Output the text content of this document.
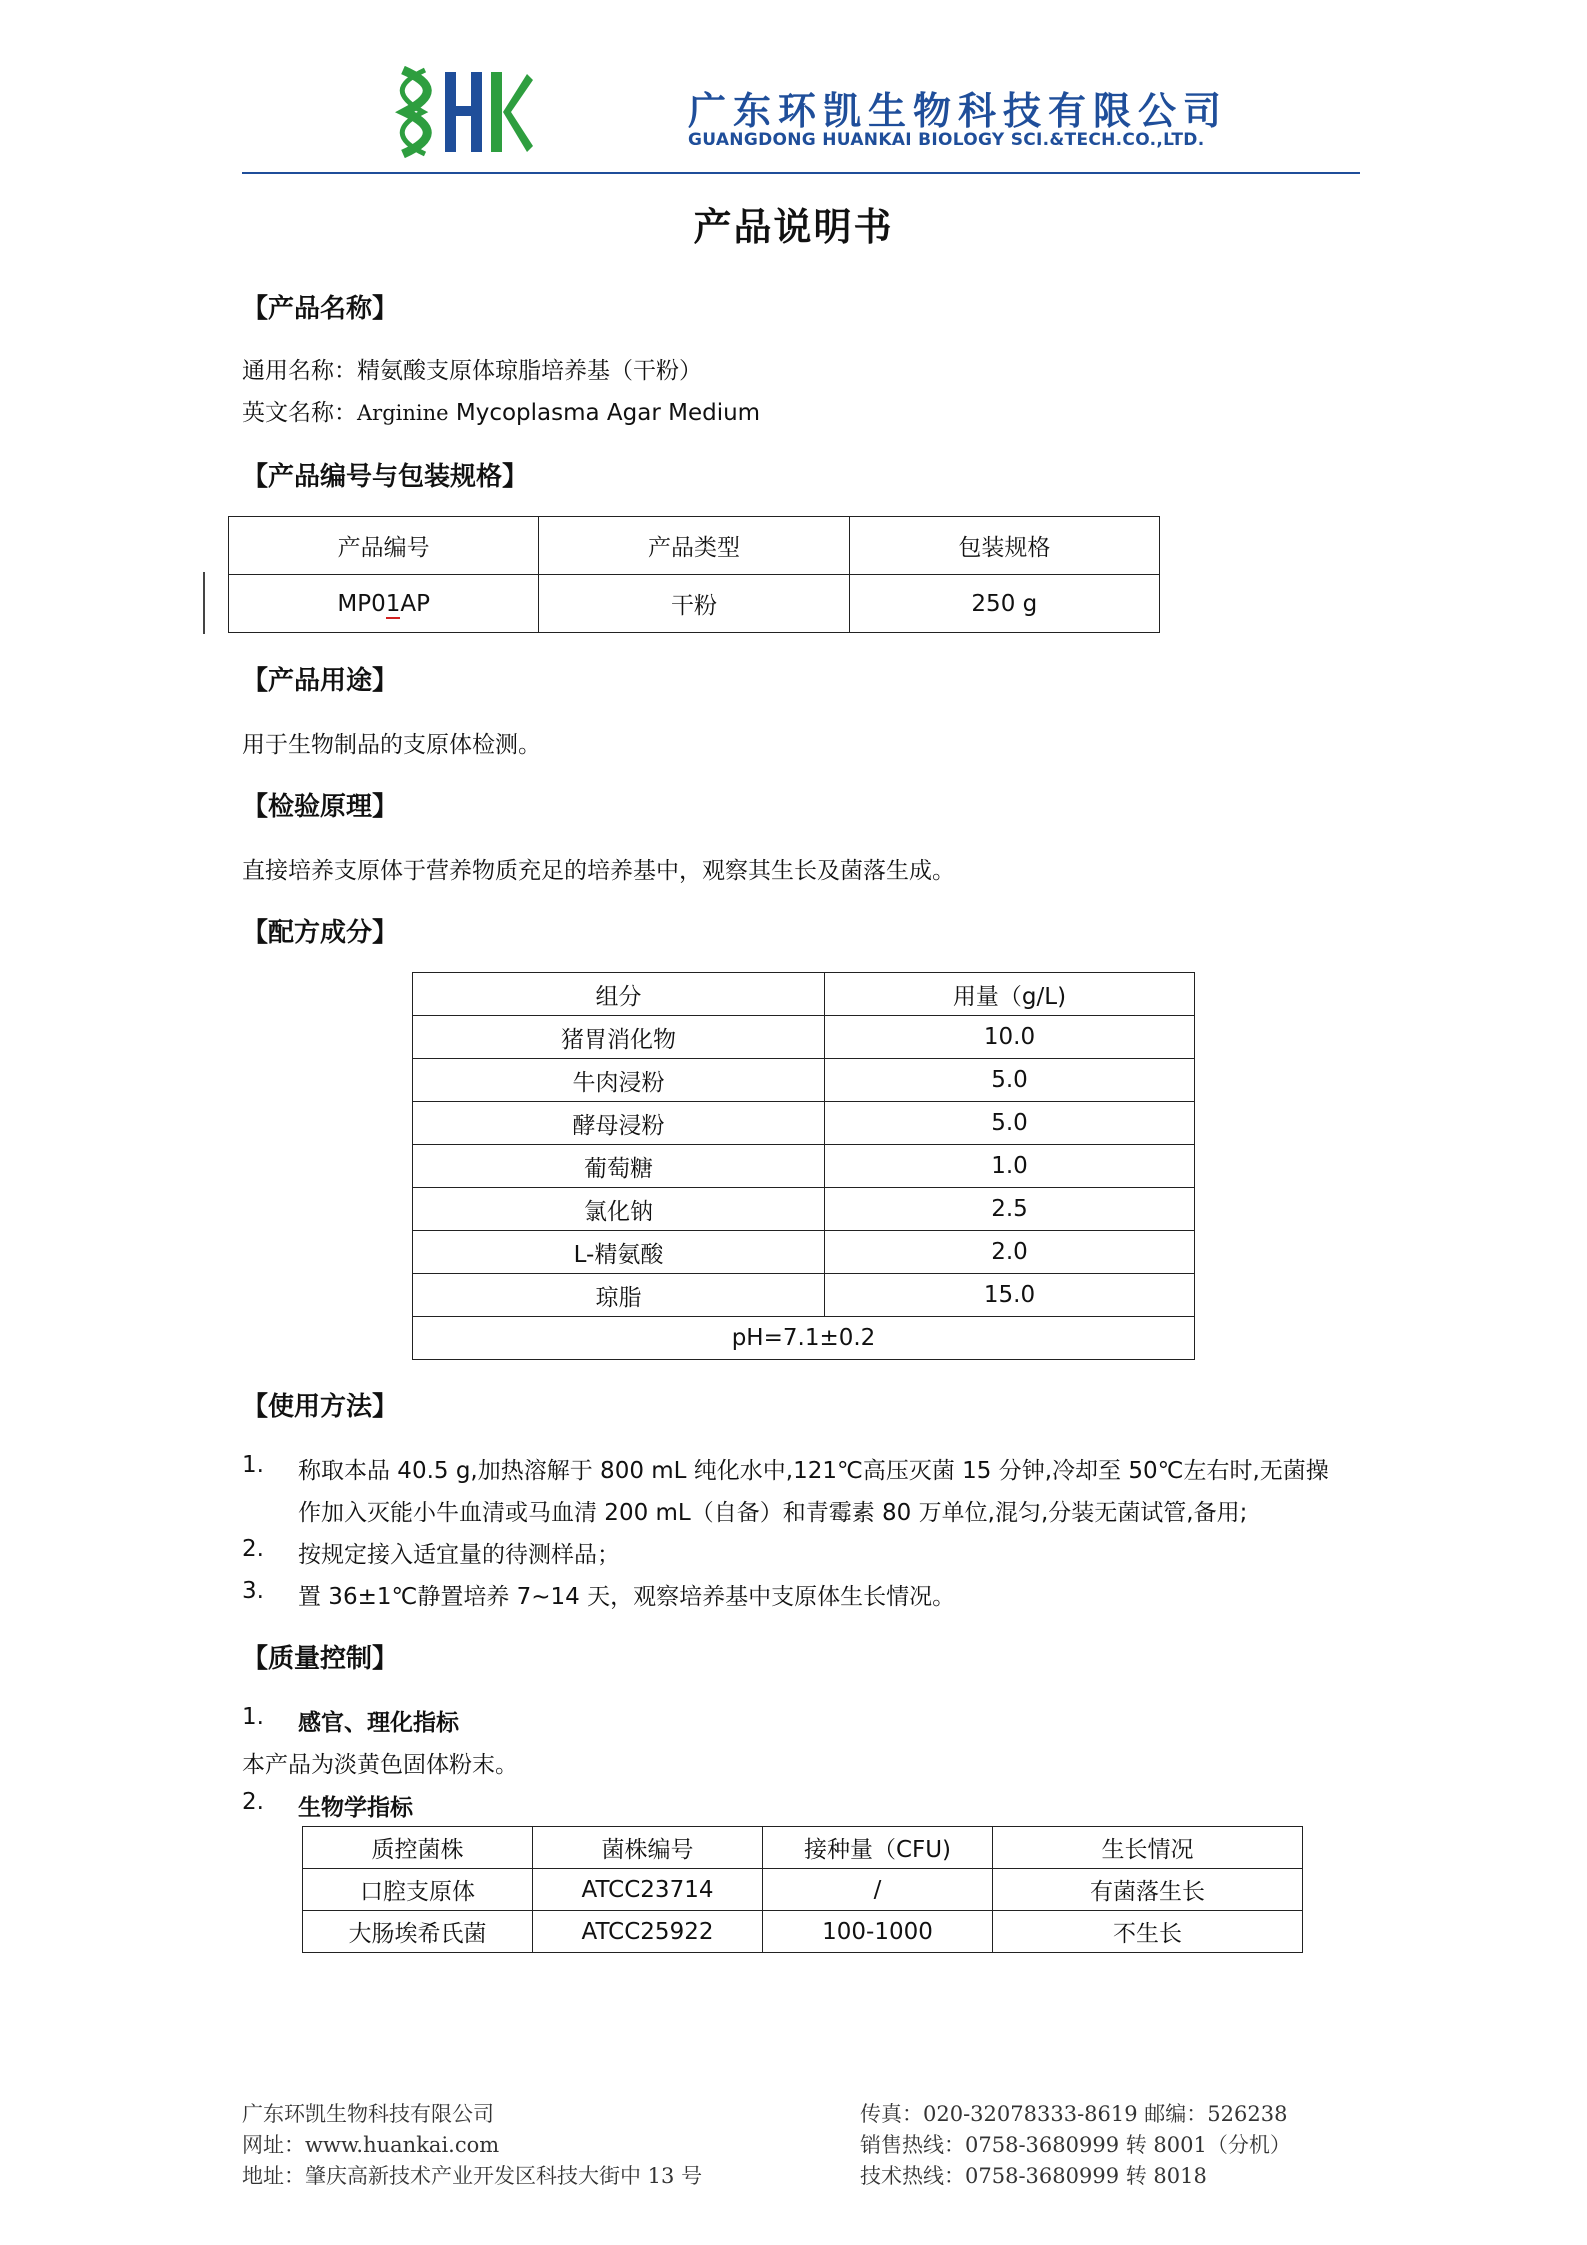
广东环凯生物科技有限公司
GUANGDONG HUANKAI BIOLOGY SCI.&TECH.CO.,LTD.
产品说明书
【产品名称】
通用名称：精氨酸支原体琼脂培养基（干粉）
英文名称：Arginine Mycoplasma Agar Medium
【产品编号与包装规格】
产品编号	产品类型	包装规格
MP01AP	干粉	250 g
【产品用途】
用于生物制品的支原体检测。
【检验原理】
直接培养支原体于营养物质充足的培养基中，观察其生长及菌落生成。
【配方成分】
组分	用量（g/L)
猪胃消化物	10.0
牛肉浸粉	5.0
酵母浸粉	5.0
葡萄糖	1.0
氯化钠	2.5
L-精氨酸	2.0
琼脂	15.0
pH=7.1±0.2	
【使用方法】
1. 称取本品 40.5 g,加热溶解于 800 mL 纯化水中,121℃高压灭菌 15 分钟,冷却至 50℃左右时,无菌操
作加入灭能小牛血清或马血清 200 mL（自备）和青霉素 80 万单位,混匀,分装无菌试管,备用;
2. 按规定接入适宜量的待测样品；
3. 置 36±1℃静置培养 7~14 天，观察培养基中支原体生长情况。
【质量控制】
1. 感官、理化指标
本产品为淡黄色固体粉末。
2. 生物学指标
质控菌株	菌株编号	接种量（CFU)	生长情况
口腔支原体	ATCC23714	/	有菌落生长
大肠埃希氏菌	ATCC25922	100-1000	不生长
广东环凯生物科技有限公司
网址：www.huankai.com
地址：肇庆高新技术产业开发区科技大街中 13 号
传真：020-32078333-8619 邮编：526238
销售热线：0758-3680999 转 8001（分机）
技术热线：0758-3680999 转 8018
